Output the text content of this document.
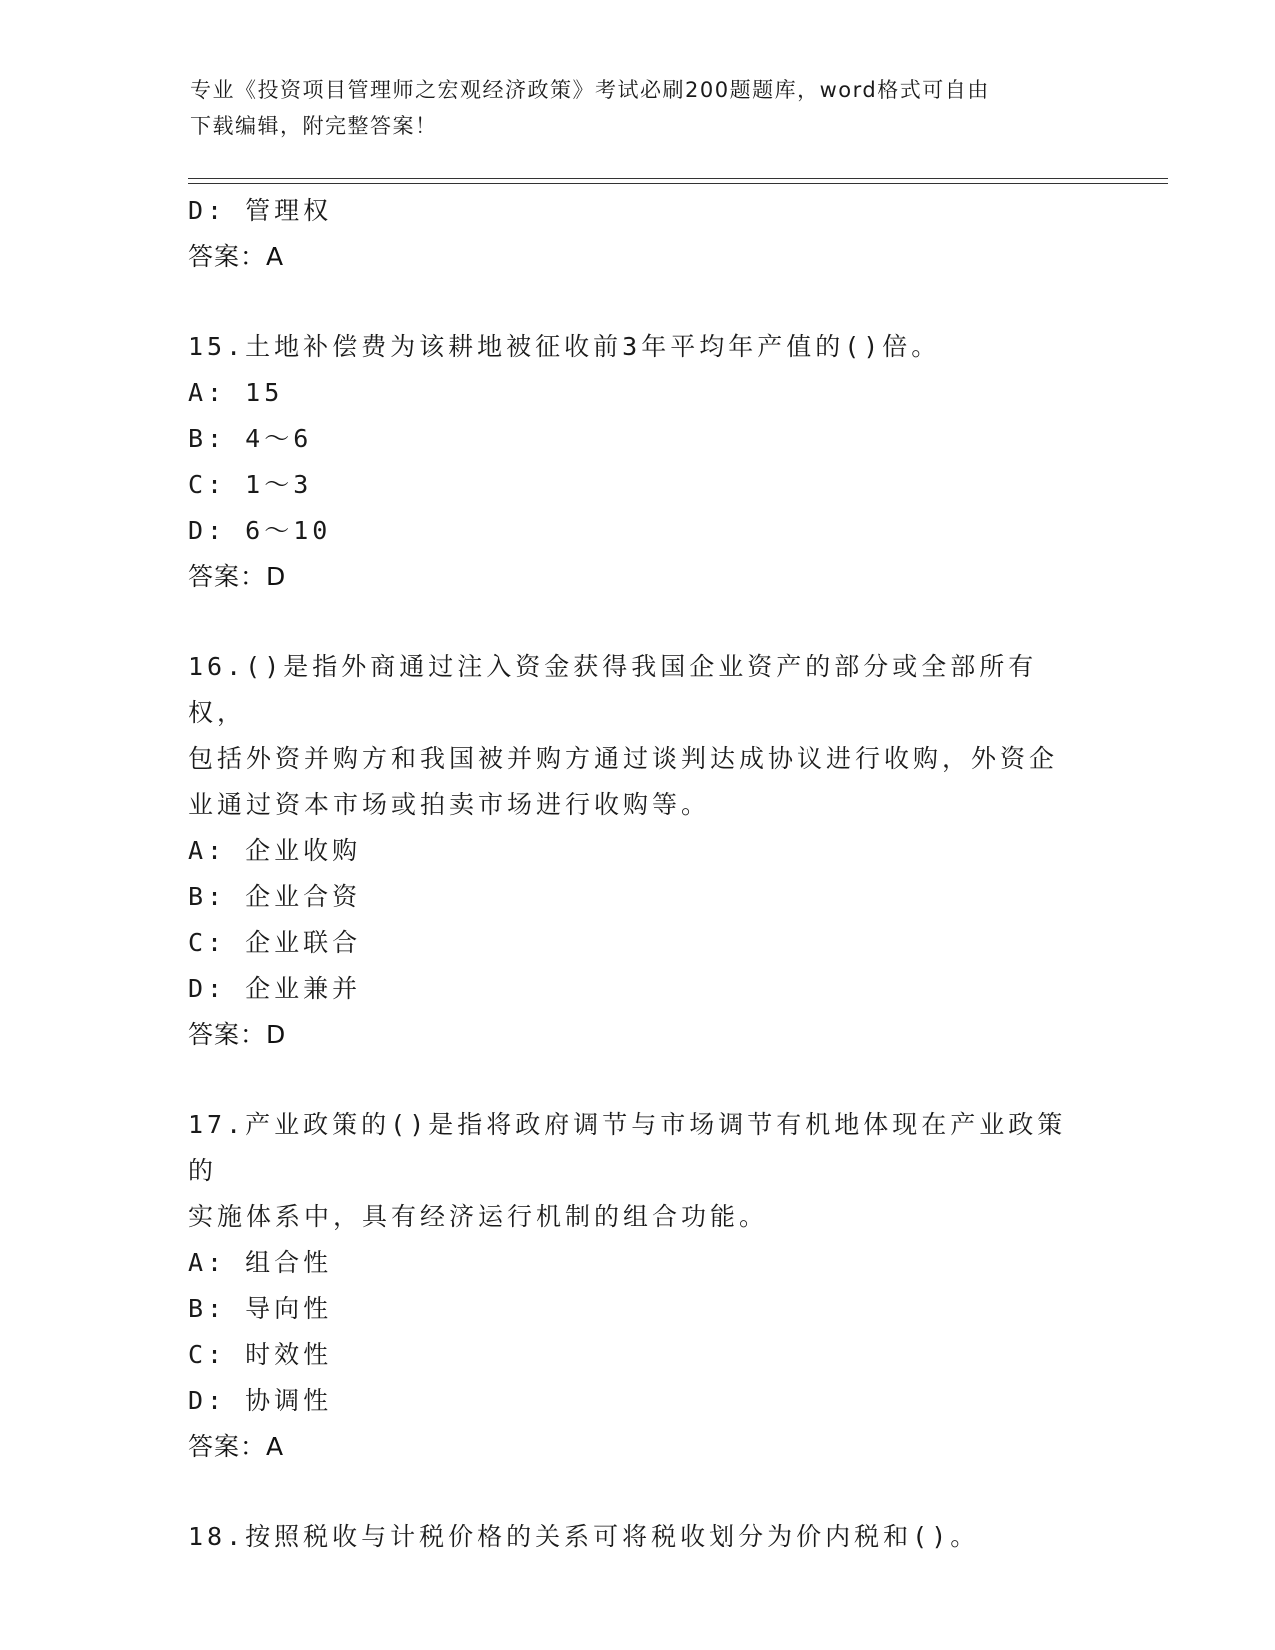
专业《投资项目管理师之宏观经济政策》考试必刷200题题库，word格式可自由
下载编辑，附完整答案！
D: 管理权
答案：A
15.土地补偿费为该耕地被征收前3年平均年产值的()倍。
A: 15
B: 4～6
C: 1～3
D: 6～10
答案：D
16.()是指外商通过注入资金获得我国企业资产的部分或全部所有权，
包括外资并购方和我国被并购方通过谈判达成协议进行收购，外资企
业通过资本市场或拍卖市场进行收购等。
A: 企业收购
B: 企业合资
C: 企业联合
D: 企业兼并
答案：D
17.产业政策的()是指将政府调节与市场调节有机地体现在产业政策的
实施体系中，具有经济运行机制的组合功能。
A: 组合性
B: 导向性
C: 时效性
D: 协调性
答案：A
18.按照税收与计税价格的关系可将税收划分为价内税和()。
